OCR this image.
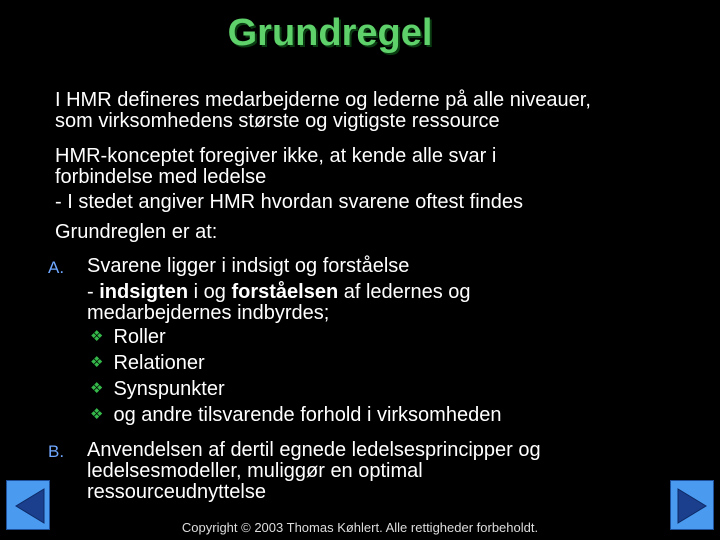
Grundregel
I HMR defineres medarbejderne og lederne på alle niveauer,
som virksomhedens største og vigtigste ressource
HMR-konceptet foregiver ikke, at kende alle svar i
forbindelse med ledelse
- I stedet angiver HMR hvordan svarene oftest findes
Grundreglen er at:
A. Svarene ligger i indsigt og forståelse
- indsigten i og forståelsen af ledernes og
medarbejdernes indbyrdes;
❖ Roller
❖ Relationer
❖ Synspunkter
❖ og andre tilsvarende forhold i virksomheden
B. Anvendelsen af dertil egnede ledelsesprincipper og
ledelsesmodeller, muliggør en optimal
ressourceudnyttelse
Copyright © 2003 Thomas Køhlert. Alle rettigheder forbeholdt.
